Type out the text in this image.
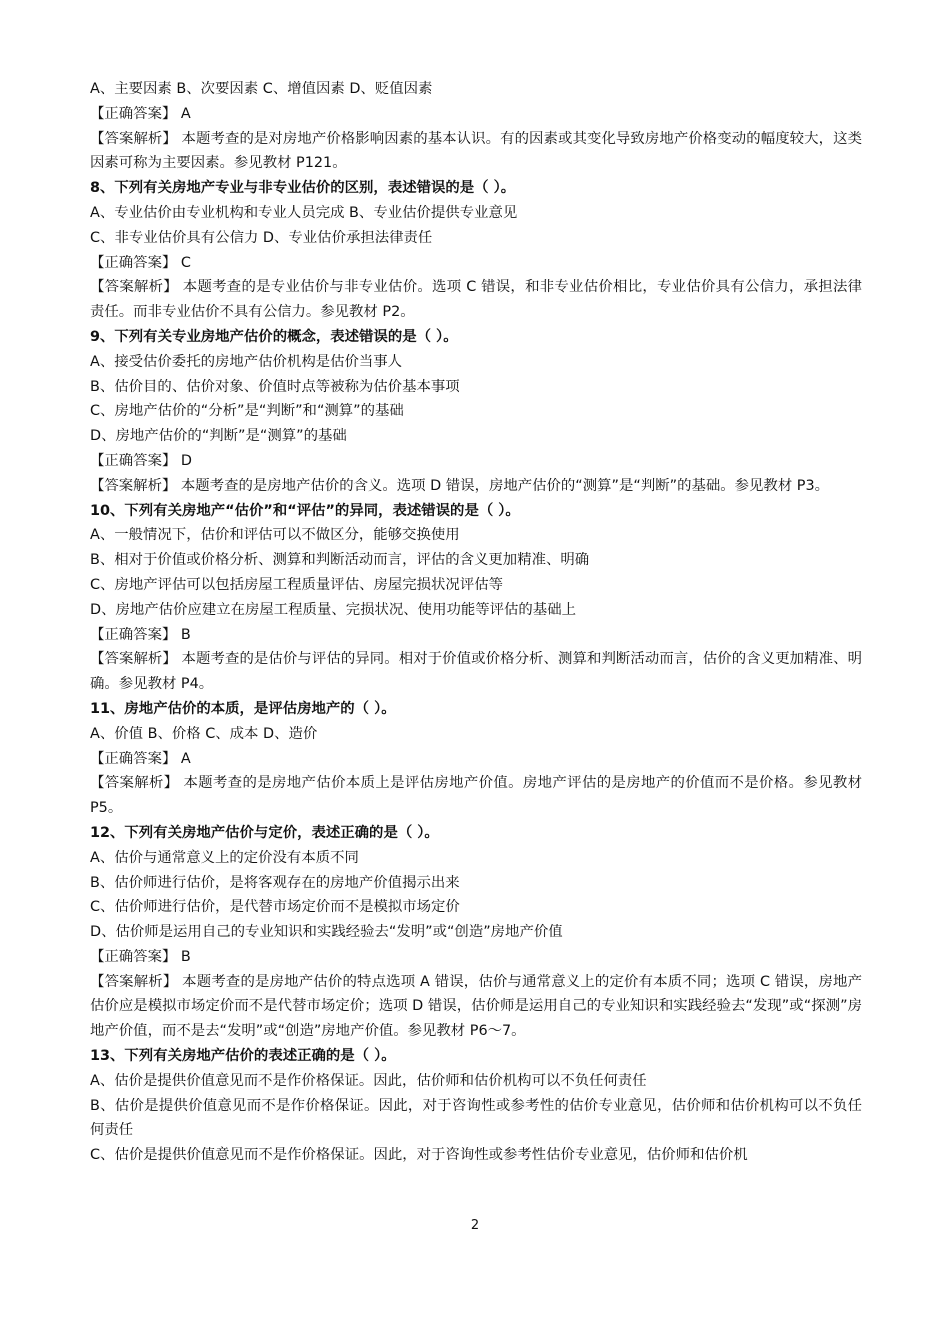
A、主要因素 B、次要因素 C、增值因素 D、贬值因素
【正确答案】 A
【答案解析】 本题考查的是对房地产价格影响因素的基本认识。有的因素或其变化导致房地产价格变动的幅度较大，这类因素可称为主要因素。参见教材 P121。
8、下列有关房地产专业与非专业估价的区别，表述错误的是（ ）。
A、专业估价由专业机构和专业人员完成 B、专业估价提供专业意见
C、非专业估价具有公信力 D、专业估价承担法律责任
【正确答案】 C
【答案解析】 本题考查的是专业估价与非专业估价。选项 C 错误，和非专业估价相比，专业估价具有公信力，承担法律责任。而非专业估价不具有公信力。参见教材 P2。
9、下列有关专业房地产估价的概念，表述错误的是（ ）。
A、接受估价委托的房地产估价机构是估价当事人
B、估价目的、估价对象、价值时点等被称为估价基本事项
C、房地产估价的“分析”是“判断”和“测算”的基础
D、房地产估价的“判断”是“测算”的基础
【正确答案】 D
【答案解析】 本题考查的是房地产估价的含义。选项 D 错误，房地产估价的“测算”是“判断”的基础。参见教材 P3。
10、下列有关房地产“估价”和“评估”的异同，表述错误的是（ ）。
A、一般情况下，估价和评估可以不做区分，能够交换使用
B、相对于价值或价格分析、测算和判断活动而言，评估的含义更加精准、明确
C、房地产评估可以包括房屋工程质量评估、房屋完损状况评估等
D、房地产估价应建立在房屋工程质量、完损状况、使用功能等评估的基础上
【正确答案】 B
【答案解析】 本题考查的是估价与评估的异同。相对于价值或价格分析、测算和判断活动而言，估价的含义更加精准、明确。参见教材 P4。
11、房地产估价的本质，是评估房地产的（ ）。
A、价值 B、价格 C、成本 D、造价
【正确答案】 A
【答案解析】 本题考查的是房地产估价本质上是评估房地产价值。房地产评估的是房地产的价值而不是价格。参见教材 P5。
12、下列有关房地产估价与定价，表述正确的是（ ）。
A、估价与通常意义上的定价没有本质不同
B、估价师进行估价，是将客观存在的房地产价值揭示出来
C、估价师进行估价，是代替市场定价而不是模拟市场定价
D、估价师是运用自己的专业知识和实践经验去“发明”或“创造”房地产价值
【正确答案】 B
【答案解析】 本题考查的是房地产估价的特点选项 A 错误，估价与通常意义上的定价有本质不同；选项 C 错误，房地产估价应是模拟市场定价而不是代替市场定价；选项 D 错误，估价师是运用自己的专业知识和实践经验去“发现”或“探测”房地产价值，而不是去“发明”或“创造”房地产价值。参见教材 P6～7。
13、下列有关房地产估价的表述正确的是（ ）。
A、估价是提供价值意见而不是作价格保证。因此，估价师和估价机构可以不负任何责任
B、估价是提供价值意见而不是作价格保证。因此，对于咨询性或参考性的估价专业意见，估价师和估价机构可以不负任何责任
C、估价是提供价值意见而不是作价格保证。因此，对于咨询性或参考性估价专业意见，估价师和估价机
2
